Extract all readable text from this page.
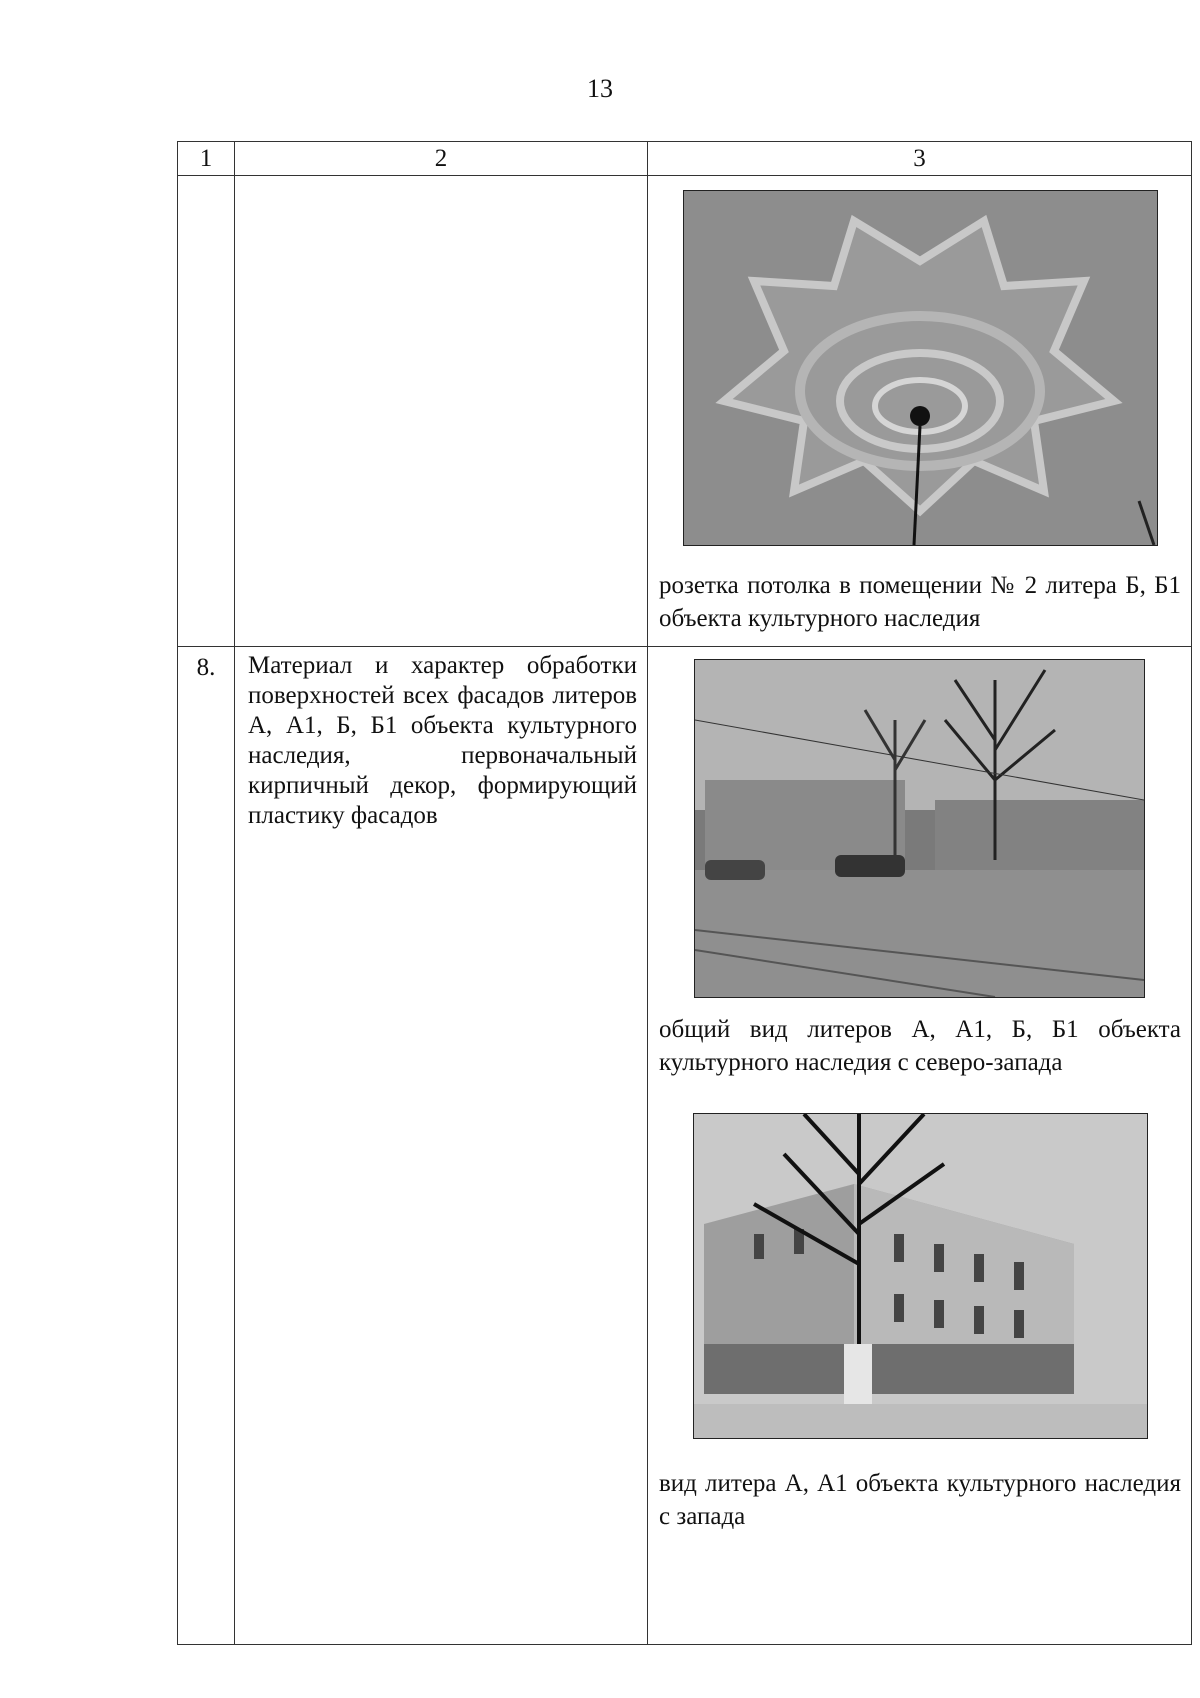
13
1	2	3

		розетка потолка в помещении № 2 литера Б, Б1 объекта культурного наследия

8.	Материал и характер обработки поверхностей всех фасадов литеров А, А1, Б, Б1 объекта культурного наследия, первоначальный кирпичный декор, формирующий пластику фасадов	общий вид литеров А, А1, Б, Б1 объекта культурного наследия с северо-запада
вид литера А, А1 объекта культурного наследия с запада
